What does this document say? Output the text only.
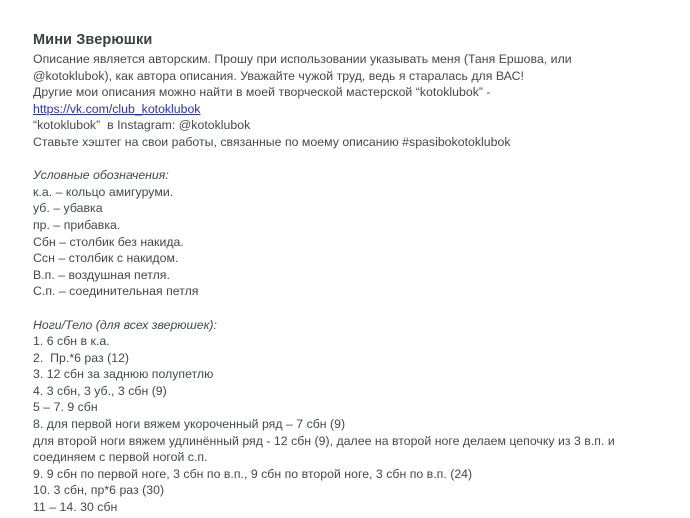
Мини Зверюшки
Описание является авторским. Прошу при использовании указывать меня (Таня Ершова, или
@kotoklubok), как автора описания. Уважайте чужой труд, ведь я старалась для ВАС!
Другие мои описания можно найти в моей творческой мастерской “kotoklubok” -
https://vk.com/club_kotoklubok
“kotoklubok”  в Instagram: @kotoklubok
Ставьте хэштег на свои работы, связанные по моему описанию #spasibokotoklubok
Условные обозначения:
к.а. – кольцо амигуруми.
уб. – убавка
пр. – прибавка.
Сбн – столбик без накида.
Ссн – столбик с накидом.
В.п. – воздушная петля.
С.п. – соединительная петля
Ноги/Тело (для всех зверюшек):
1. 6 сбн в к.а.
2.  Пр.*6 раз (12)
3. 12 сбн за заднюю полупетлю
4. 3 сбн, 3 уб., 3 сбн (9)
5 – 7. 9 сбн
8. для первой ноги вяжем укороченный ряд – 7 сбн (9)
для второй ноги вяжем удлинённый ряд - 12 сбн (9), далее на второй ноге делаем цепочку из 3 в.п. и соединяем с первой ногой с.п.
9. 9 сбн по первой ноге, 3 сбн по в.п., 9 сбн по второй ноге, 3 сбн по в.п. (24)
10. 3 сбн, пр*6 раз (30)
11 – 14. 30 сбн
